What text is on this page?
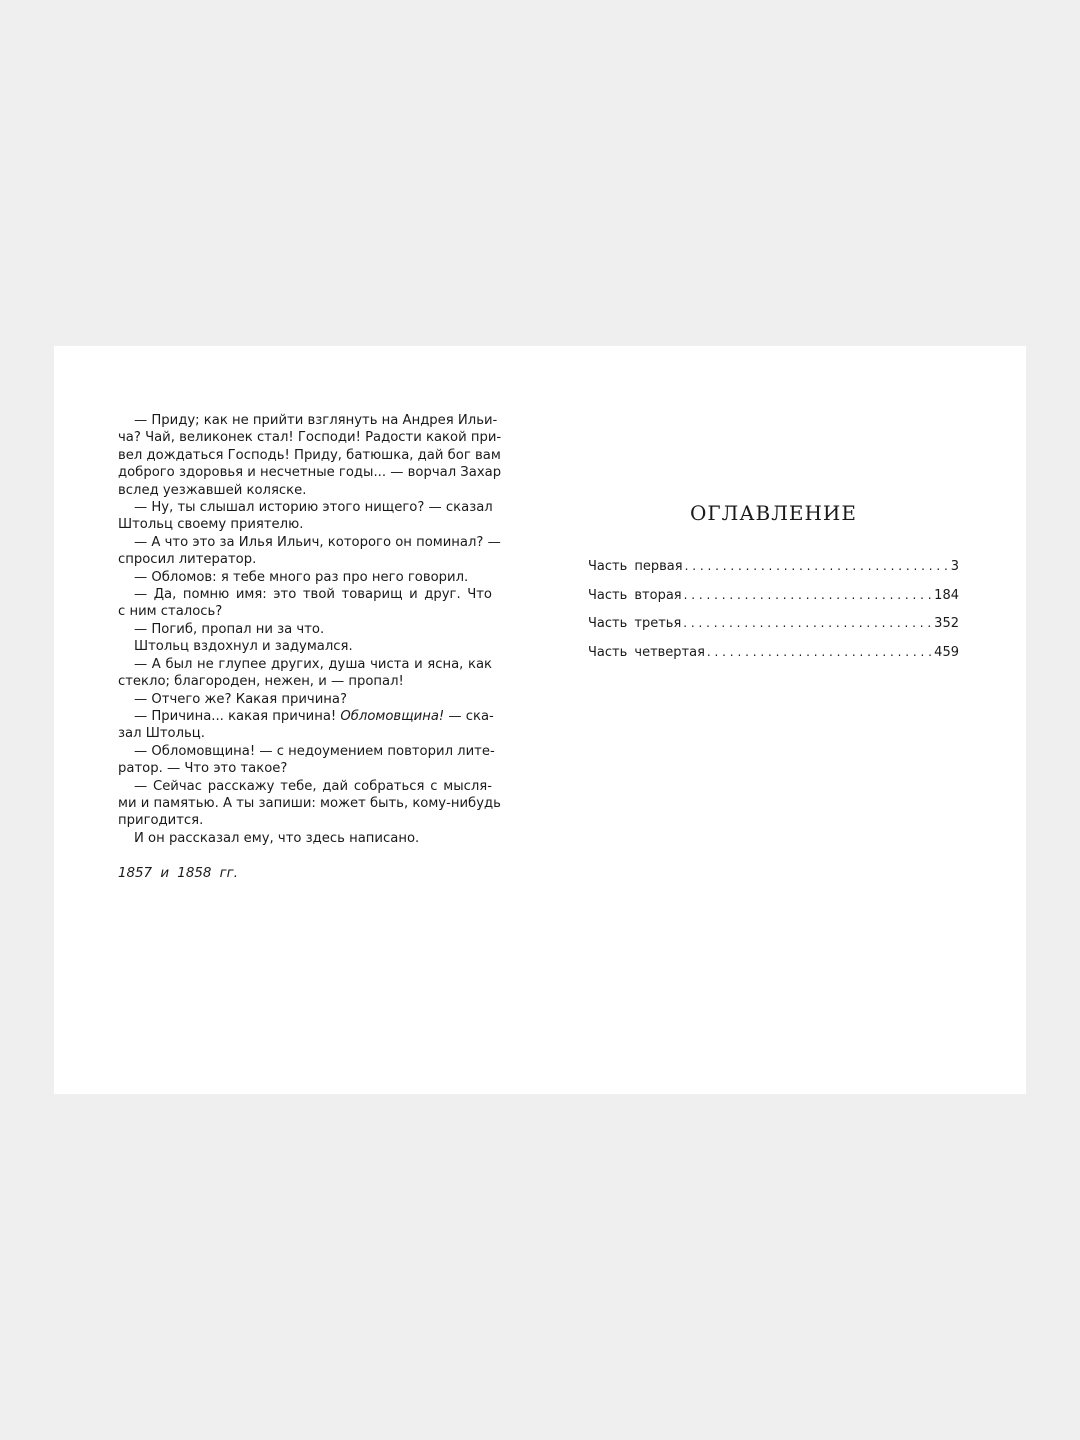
— Приду; как не прийти взглянуть на Андрея Ильи-
ча? Чай, великонек стал! Господи! Радости какой при-
вел дождаться Господь! Приду, батюшка, дай бог вам
доброго здоровья и несчетные годы... — ворчал Захар
вслед уезжавшей коляске.
— Ну, ты слышал историю этого нищего? — сказал
Штольц своему приятелю.
— А что это за Илья Ильич, которого он поминал? —
спросил литератор.
— Обломов: я тебе много раз про него говорил.
— Да, помню имя: это твой товарищ и друг. Что
с ним сталось?
— Погиб, пропал ни за что.
Штольц вздохнул и задумался.
— А был не глупее других, душа чиста и ясна, как
стекло; благороден, нежен, и — пропал!
— Отчего же? Какая причина?
— Причина... какая причина! Обломовщина! — ска-
зал Штольц.
— Обломовщина! — с недоумением повторил лите-
ратор. — Что это такое?
— Сейчас расскажу тебе, дай собраться с мысля-
ми и памятью. А ты запиши: может быть, кому-нибудь
пригодится.
И он рассказал ему, что здесь написано.
1857 и 1858 гг.
ОГЛАВЛЕНИЕ
Часть первая . . .	3
Часть вторая . . .	184
Часть третья . . .	352
Часть четвертая . . .	459
